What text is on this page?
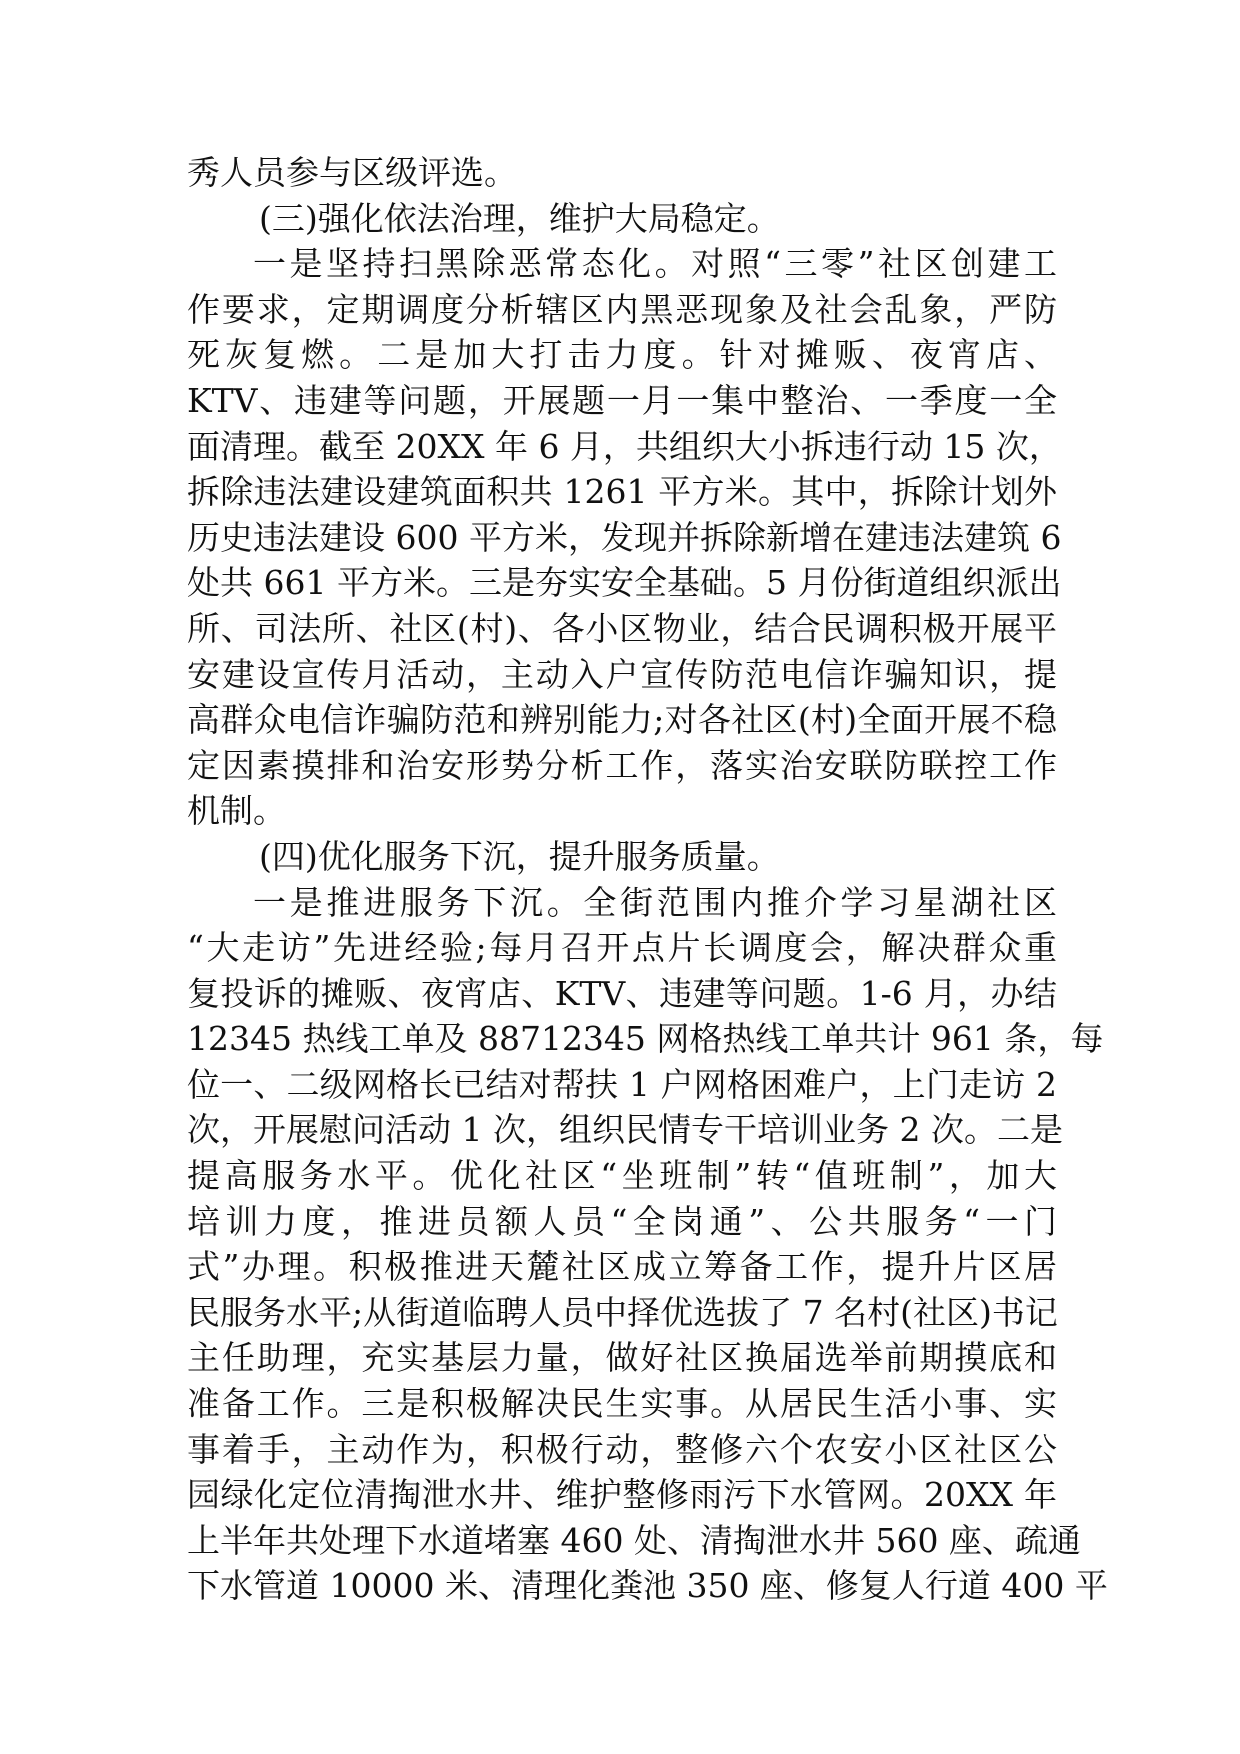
秀人员参与区级评选。
(三)强化依法治理，维护大局稳定。
一是坚持扫黑除恶常态化。对照“三零”社区创建工
作要求，定期调度分析辖区内黑恶现象及社会乱象，严防
死灰复燃。二是加大打击力度。针对摊贩、夜宵店、
KTV、违建等问题，开展题一月一集中整治、一季度一全
面清理。截至 20XX 年 6 月，共组织大小拆违行动 15 次，
拆除违法建设建筑面积共 1261 平方米。其中，拆除计划外
历史违法建设 600 平方米，发现并拆除新增在建违法建筑 6
处共 661 平方米。三是夯实安全基础。5 月份街道组织派出
所、司法所、社区(村)、各小区物业，结合民调积极开展平
安建设宣传月活动，主动入户宣传防范电信诈骗知识，提
高群众电信诈骗防范和辨别能力;对各社区(村)全面开展不稳
定因素摸排和治安形势分析工作，落实治安联防联控工作
机制。
(四)优化服务下沉，提升服务质量。
一是推进服务下沉。全街范围内推介学习星湖社区
“大走访”先进经验;每月召开点片长调度会，解决群众重
复投诉的摊贩、夜宵店、KTV、违建等问题。1-6 月，办结
12345 热线工单及 88712345 网格热线工单共计 961 条，每
位一、二级网格长已结对帮扶 1 户网格困难户，上门走访 2
次，开展慰问活动 1 次，组织民情专干培训业务 2 次。二是
提高服务水平。优化社区“坐班制”转“值班制”，加大
培训力度，推进员额人员“全岗通”、公共服务“一门
式”办理。积极推进天麓社区成立筹备工作，提升片区居
民服务水平;从街道临聘人员中择优选拔了 7 名村(社区)书记
主任助理，充实基层力量，做好社区换届选举前期摸底和
准备工作。三是积极解决民生实事。从居民生活小事、实
事着手，主动作为，积极行动，整修六个农安小区社区公
园绿化定位清掏泄水井、维护整修雨污下水管网。20XX 年
上半年共处理下水道堵塞 460 处、清掏泄水井 560 座、疏通
下水管道 10000 米、清理化粪池 350 座、修复人行道 400 平
